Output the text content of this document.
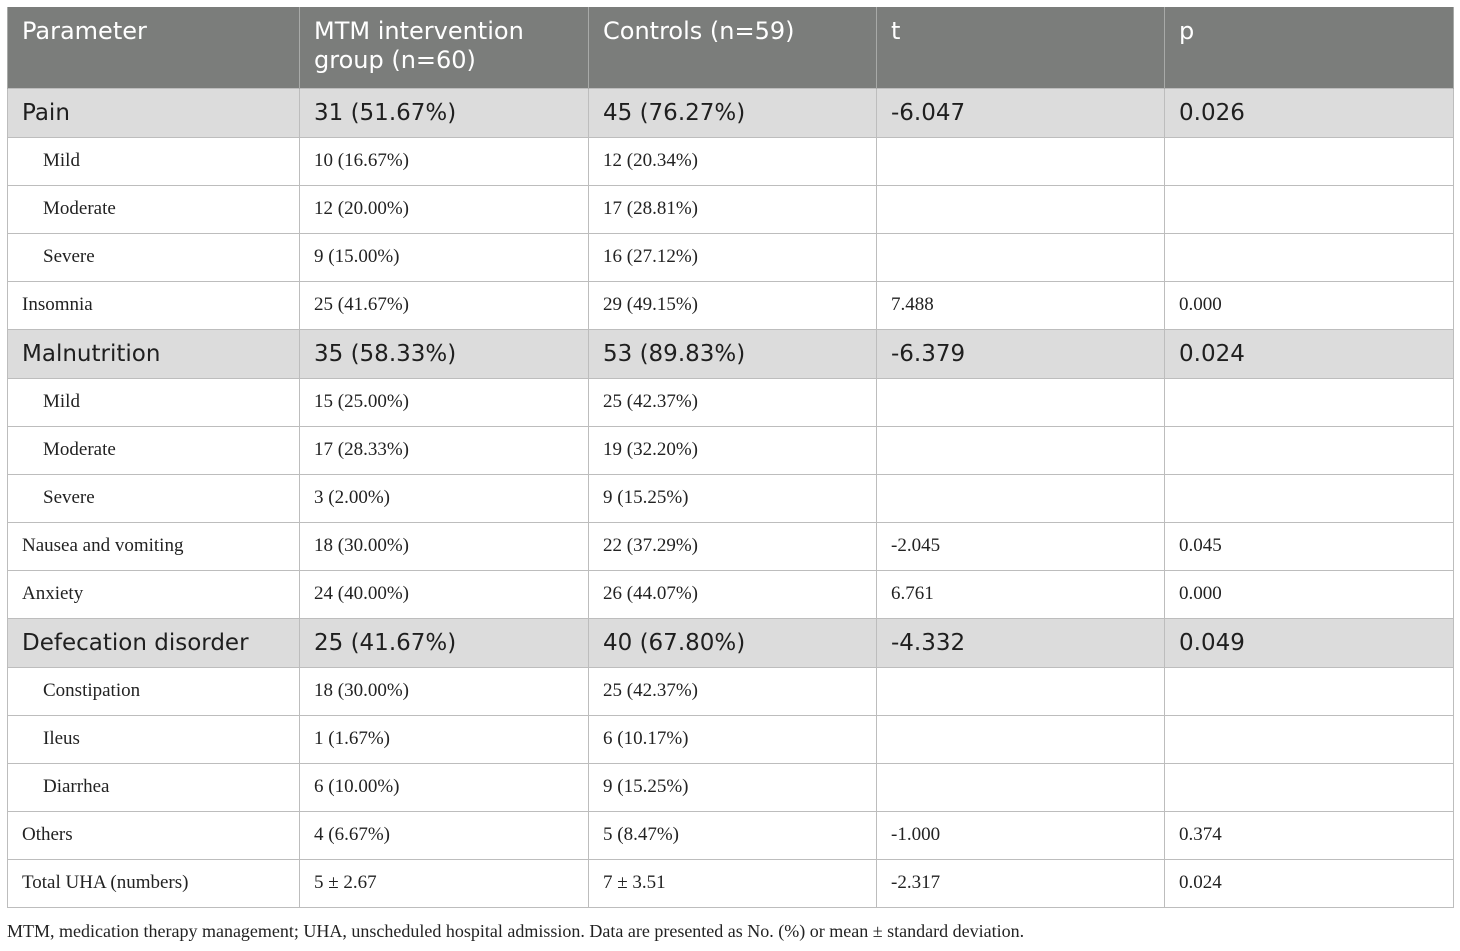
Parameter	MTM intervention group (n=60)	Controls (n=59)	t	p
Pain	31 (51.67%)	45 (76.27%)	-6.047	0.026
Mild	10 (16.67%)	12 (20.34%)		
Moderate	12 (20.00%)	17 (28.81%)		
Severe	9 (15.00%)	16 (27.12%)		
Insomnia	25 (41.67%)	29 (49.15%)	7.488	0.000
Malnutrition	35 (58.33%)	53 (89.83%)	-6.379	0.024
Mild	15 (25.00%)	25 (42.37%)		
Moderate	17 (28.33%)	19 (32.20%)		
Severe	3 (2.00%)	9 (15.25%)		
Nausea and vomiting	18 (30.00%)	22 (37.29%)	-2.045	0.045
Anxiety	24 (40.00%)	26 (44.07%)	6.761	0.000
Defecation disorder	25 (41.67%)	40 (67.80%)	-4.332	0.049
Constipation	18 (30.00%)	25 (42.37%)		
Ileus	1 (1.67%)	6 (10.17%)		
Diarrhea	6 (10.00%)	9 (15.25%)		
Others	4 (6.67%)	5 (8.47%)	-1.000	0.374
Total UHA (numbers)	5 ± 2.67	7 ± 3.51	-2.317	0.024
MTM, medication therapy management; UHA, unscheduled hospital admission. Data are presented as No. (%) or mean ± standard deviation.
